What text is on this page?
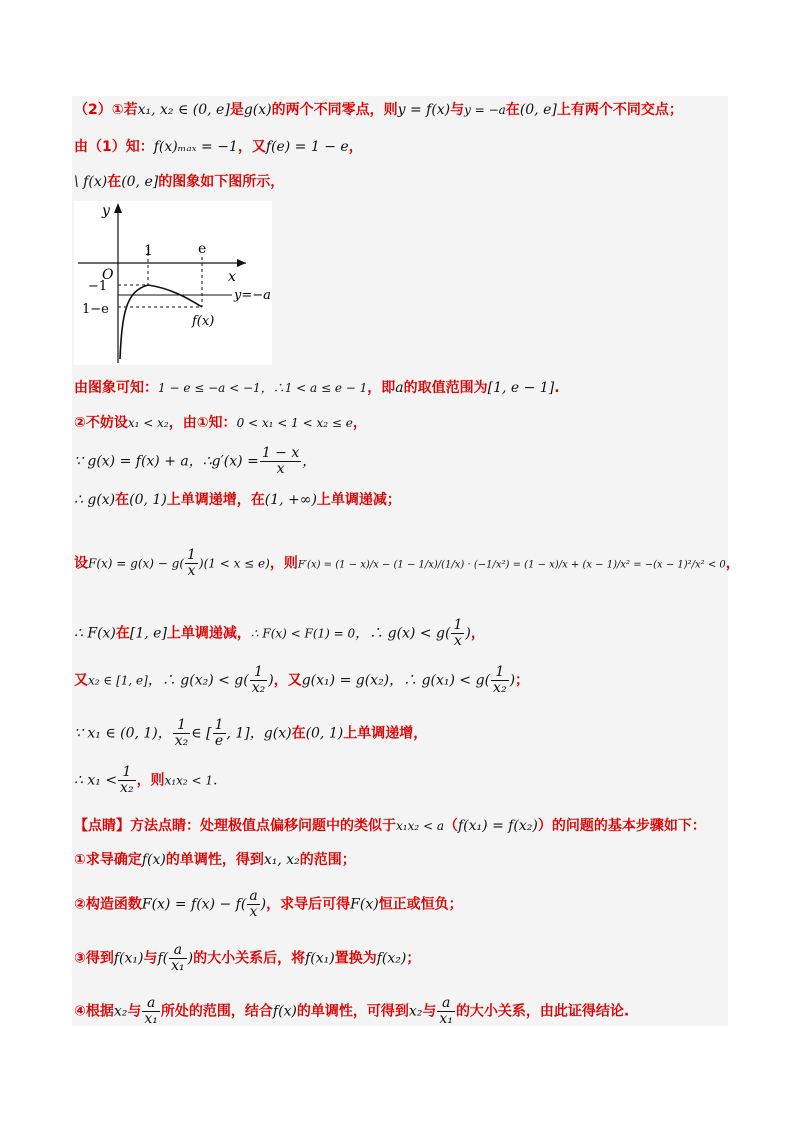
（2）①若x₁, x₂ ∈ (0, e]是g(x)的两个不同零点，则y = f(x)与y = −a在(0, e]上有两个不同交点；
由（1）知：f(x)ₘₐₓ = −1，又f(e) = 1 − e，
\ f(x)在(0, e]的图象如下图所示，
y
x
O
1	e
−1
1−e
y=−a
f(x)
由图象可知：1 − e ≤ −a < −1，∴1 < a ≤ e − 1，即a的取值范围为[1, e − 1].
②不妨设x₁ < x₂，由①知：0 < x₁ < 1 < x₂ ≤ e，
∵ g(x) = f(x) + a，∴g′(x) = $\frac{1 - x}{x}$ ，
∴ g(x)在(0, 1)上单调递增，在(1, +∞)上单调递减；
设$F(x) = g(x) - g( \frac{1}{x} )(1 < x \le e)$，则F′(x) = (1 − x)/x − (1 − 1/x)/(1/x) · (−1/x²) = (1 − x)/x + (x − 1)/x² = −(x − 1)²/x² < 0，
∴ F(x)在[1, e]上单调递减，∴ F(x) < F(1) = 0，∴ $g(x) < g( \frac{1}{x}$ )，
又x₂ ∈ [1, e]，∴ $g(x_2) < g( \frac{1}{\text{x₂}}$ )，又g(x₁) = g(x₂)，∴ $g(x_1) < g( \frac{1}{\text{x₂}}$ )；
∵ x₁ ∈ (0, 1)， $\frac{1}{\text{x₂}}$ ∈ [ $\frac{1}{e}$ , 1]，g(x)在(0, 1)上单调递增，
∴ $x_1 < \frac{1}{\text{x₂}}$ ，则x₁x₂ < 1.
【点睛】方法点睛：处理极值点偏移问题中的类似于x₁x₂ < a（f(x₁) = f(x₂)）的问题的基本步骤如下：
①求导确定f(x)的单调性，得到x₁, x₂的范围；
②构造函数$F(x) = f(x) - f( \frac{a}{x}$ )，求导后可得F(x)恒正或恒负；
③得到f(x₁)与$f( \frac{a}{\text{x₁}}$ )的大小关系后，将f(x₁)置换为f(x₂)；
④根据x₂与 $\frac{a}{\text{x₁}}$ 所处的范围，结合f(x)的单调性，可得到x₂与 $\frac{a}{\text{x₁}}$ 的大小关系，由此证得结论.
